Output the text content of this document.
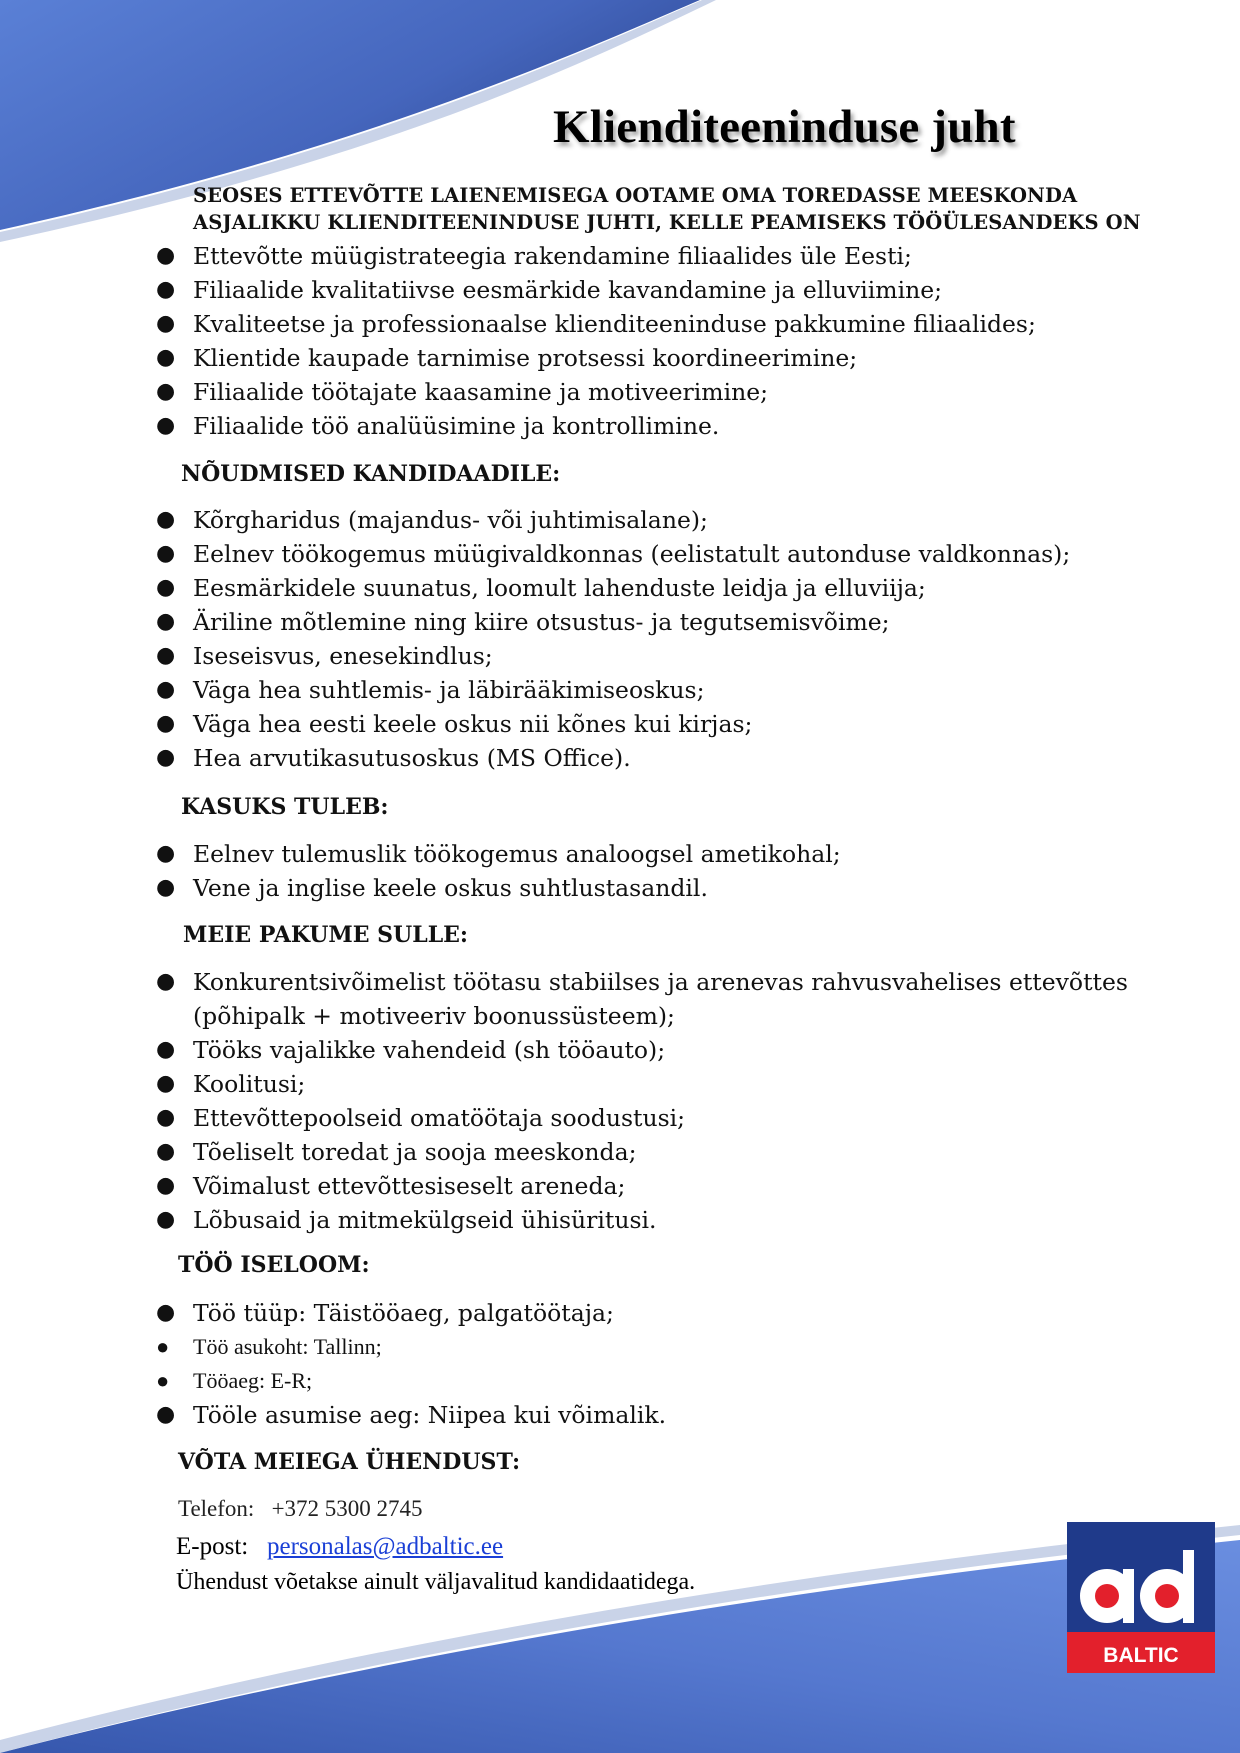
Klienditeeninduse juht
SEOSES ETTEVÕTTE LAIENEMISEGA OOTAME OMA TOREDASSE MEESKONDA
ASJALIKKU KLIENDITEENINDUSE JUHTI, KELLE PEAMISEKS TÖÖÜLESANDEKS ON
● Ettevõtte müügistrateegia rakendamine filiaalides üle Eesti;
● Filiaalide kvalitatiivse eesmärkide kavandamine ja elluviimine;
● Kvaliteetse ja professionaalse klienditeeninduse pakkumine filiaalides;
● Klientide kaupade tarnimise protsessi koordineerimine;
● Filiaalide töötajate kaasamine ja motiveerimine;
● Filiaalide töö analüüsimine ja kontrollimine.
NÕUDMISED KANDIDAADILE:
● Kõrgharidus (majandus- või juhtimisalane);
● Eelnev töökogemus müügivaldkonnas (eelistatult autonduse valdkonnas);
● Eesmärkidele suunatus, loomult lahenduste leidja ja elluviija;
● Äriline mõtlemine ning kiire otsustus- ja tegutsemisvõime;
● Iseseisvus, enesekindlus;
● Väga hea suhtlemis- ja läbirääkimiseoskus;
● Väga hea eesti keele oskus nii kõnes kui kirjas;
● Hea arvutikasutusoskus (MS Office).
KASUKS TULEB:
● Eelnev tulemuslik töökogemus analoogsel ametikohal;
● Vene ja inglise keele oskus suhtlustasandil.
MEIE PAKUME SULLE:
● Konkurentsivõimelist töötasu stabiilses ja arenevas rahvusvahelises ettevõttes (põhipalk + motiveeriv boonussüsteem);
● Tööks vajalikke vahendeid (sh tööauto);
● Koolitusi;
● Ettevõttepoolseid omatöötaja soodustusi;
● Tõeliselt toredat ja sooja meeskonda;
● Võimalust ettevõttesiseselt areneda;
● Lõbusaid ja mitmekülgseid ühisüritusi.
TÖÖ ISELOOM:
● Töö tüüp: Täistööaeg, palgatöötaja;
● Töö asukoht: Tallinn;
● Tööaeg: E-R;
● Tööle asumise aeg: Niipea kui võimalik.
VÕTA MEIEGA ÜHENDUST:
Telefon: +372 5300 2745
E-post: personalas@adbaltic.ee
Ühendust võetakse ainult väljavalitud kandidaatidega.
BALTIC
